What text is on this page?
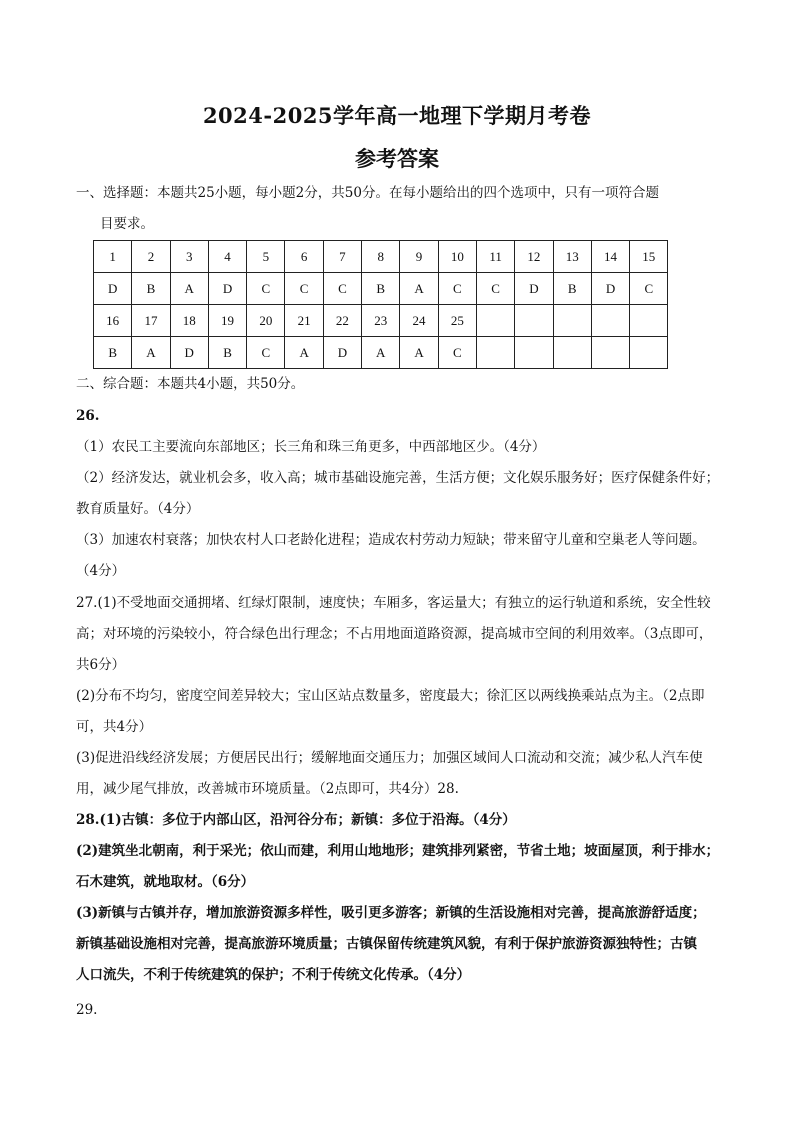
2024-2025学年高一地理下学期月考卷
参考答案
一、选择题：本题共25小题，每小题2分，共50分。在每小题给出的四个选项中，只有一项符合题
目要求。
1	2	3	4	5	6	7	8	9	10	11	12	13	14	15
D	B	A	D	C	C	C	B	A	C	C	D	B	D	C
16	17	18	19	20	21	22	23	24	25					
B	A	D	B	C	A	D	A	A	C					
二、综合题：本题共4小题，共50分。
26.
（1）农民工主要流向东部地区；长三角和珠三角更多，中西部地区少。（4分）
（2）经济发达，就业机会多，收入高；城市基础设施完善，生活方便；文化娱乐服务好；医疗保健条件好；
教育质量好。（4分）
（3）加速农村衰落；加快农村人口老龄化进程；造成农村劳动力短缺；带来留守儿童和空巢老人等问题。
（4分）
27.(1)不受地面交通拥堵、红绿灯限制，速度快；车厢多，客运量大；有独立的运行轨道和系统，安全性较
高；对环境的污染较小，符合绿色出行理念；不占用地面道路资源，提高城市空间的利用效率。（3点即可，
共6分）
(2)分布不均匀，密度空间差异较大；宝山区站点数量多，密度最大；徐汇区以两线换乘站点为主。（2点即
可，共4分）
(3)促进沿线经济发展；方便居民出行；缓解地面交通压力；加强区域间人口流动和交流；减少私人汽车使
用，减少尾气排放，改善城市环境质量。（2点即可，共4分）28.
28.(1)古镇：多位于内部山区，沿河谷分布；新镇：多位于沿海。（4分）
(2)建筑坐北朝南，利于采光；依山而建，利用山地地形；建筑排列紧密，节省土地；坡面屋顶，利于排水；
石木建筑，就地取材。（6分）
(3)新镇与古镇并存，增加旅游资源多样性，吸引更多游客；新镇的生活设施相对完善，提高旅游舒适度；
新镇基础设施相对完善，提高旅游环境质量；古镇保留传统建筑风貌，有利于保护旅游资源独特性；古镇
人口流失，不利于传统建筑的保护；不利于传统文化传承。（4分）
29.
